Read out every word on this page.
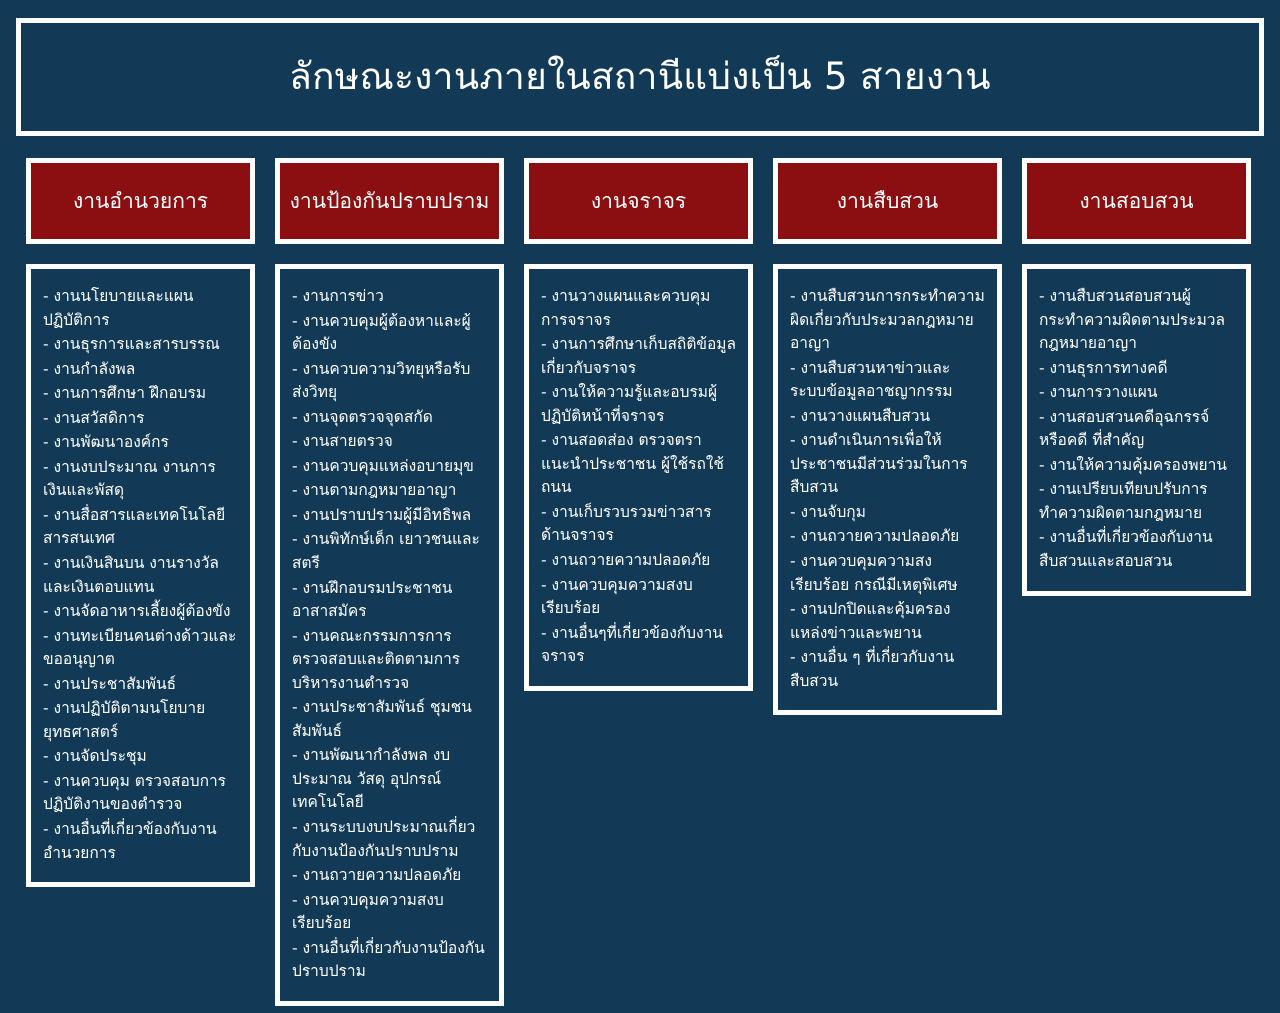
ลักษณะงานภายในสถานีแบ่งเป็น 5 สายงาน
งานอำนวยการ
- งานนโยบายและแผน ปฏิบัติการ
- งานธุรการและสารบรรณ
- งานกำลังพล
- งานการศึกษา ฝึกอบรม
- งานสวัสดิการ
- งานพัฒนาองค์กร
- งานงบประมาณ งานการเงินและพัสดุ
- งานสื่อสารและเทคโนโลยีสารสนเทศ
- งานเงินสินบน งานรางวัลและเงินตอบแทน
- งานจัดอาหารเลี้ยงผู้ต้องขัง
- งานทะเบียนคนต่างด้าวและขออนุญาต
- งานประชาสัมพันธ์
- งานปฏิบัติตามนโยบายยุทธศาสตร์
- งานจัดประชุม
- งานควบคุม ตรวจสอบการปฏิบัติงานของตำรวจ
- งานอื่นที่เกี่ยวข้องกับงานอำนวยการ
งานป้องกันปราบปราม
- งานการข่าว
- งานควบคุมผู้ต้องหาและผู้ต้องขัง
- งานควบความวิทยุหรือรับส่งวิทยุ
- งานจุดตรวจจุดสกัด
- งานสายตรวจ
- งานควบคุมแหล่งอบายมุข
- งานตามกฎหมายอาญา
- งานปราบปรามผู้มีอิทธิพล
- งานพิทักษ์เด็ก เยาวชนและสตรี
- งานฝึกอบรมประชาชนอาสาสมัคร
- งานคณะกรรมการการตรวจสอบและติดตามการบริหารงานตำรวจ
- งานประชาสัมพันธ์ ชุมชนสัมพันธ์
- งานพัฒนากำลังพล งบประมาณ วัสดุ อุปกรณ์ เทคโนโลยี
- งานระบบงบประมาณเกี่ยวกับงานป้องกันปราบปราม
- งานถวายความปลอดภัย
- งานควบคุมความสงบเรียบร้อย
- งานอื่นที่เกี่ยวกับงานป้องกันปราบปราม
งานจราจร
- งานวางแผนและควบคุมการจราจร
- งานการศึกษาเก็บสถิติข้อมูลเกี่ยวกับจราจร
- งานให้ความรู้และอบรมผู้ปฏิบัติหน้าที่จราจร
- งานสอดส่อง ตรวจตราแนะนำประชาชน ผู้ใช้รถใช้ถนน
- งานเก็บรวบรวมข่าวสารด้านจราจร
- งานถวายความปลอดภัย
- งานควบคุมความสงบเรียบร้อย
- งานอื่นๆที่เกี่ยวข้องกับงานจราจร
งานสืบสวน
- งานสืบสวนการกระทำความผิดเกี่ยวกับประมวลกฎหมายอาญา
- งานสืบสวนหาข่าวและระบบข้อมูลอาชญากรรม
- งานวางแผนสืบสวน
- งานดำเนินการเพื่อให้ประชาชนมีส่วนร่วมในการสืบสวน
- งานจับกุม
- งานถวายความปลอดภัย
- งานควบคุมความสงเรียบร้อย กรณีมีเหตุพิเศษ
- งานปกปิดและคุ้มครองแหล่งข่าวและพยาน
- งานอื่น ๆ ที่เกี่ยวกับงานสืบสวน
งานสอบสวน
- งานสืบสวนสอบสวนผู้กระทำความผิดตามประมวลกฎหมายอาญา
- งานธุรการทางคดี
- งานการวางแผน
- งานสอบสวนคดีอุฉกรรจ์หรือคดี ที่สำคัญ
- งานให้ความคุ้มครองพยาน
- งานเปรียบเทียบปรับการทำความผิดตามกฎหมาย
- งานอื่นที่เกี่ยวข้องกับงานสืบสวนและสอบสวน
